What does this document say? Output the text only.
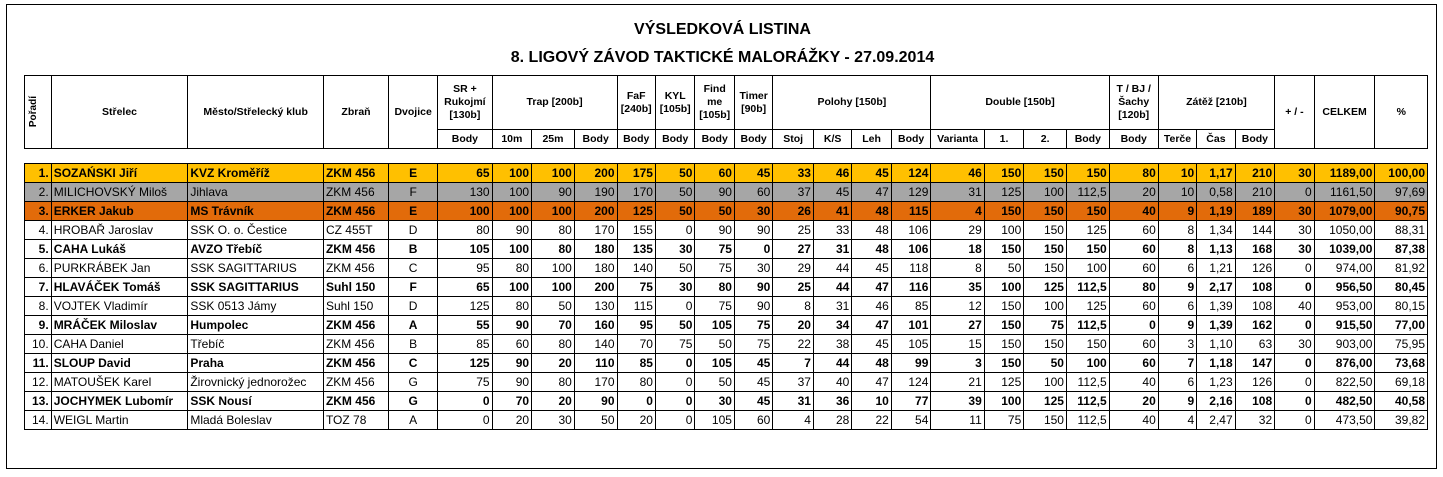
VÝSLEDKOVÁ LISTINA
8. LIGOVÝ ZÁVOD TAKTICKÉ MALORÁŽKY - 27.09.2014
Pořadí	Střelec	Město/Střelecký klub	Zbraň	Dvojice	SR + Rukojmí [130b]	Trap [200b]			FaF [240b]	KYL [105b]	Find me [105b]	Timer [90b]	Polohy [150b]				Double [150b]				T / BJ / Šachy [120b]	Zátěž [210b]			+ / -	CELKEM	%
					Body	10m	25m	Body	Body	Body	Body	Body	Stoj	K/S	Leh	Body	Varianta	1.	2.	Body	Body	Terče	Čas	Body			

1.	SOZAŃSKI Jiří	KVZ Kroměříž	ZKM 456	E	65	100	100	200	175	50	60	45	33	46	45	124	46	150	150	150	80	10	1,17	210	30	1189,00	100,00
2.	MILICHOVSKÝ Miloš	Jihlava	ZKM 456	F	130	100	90	190	170	50	90	60	37	45	47	129	31	125	100	112,5	20	10	0,58	210	0	1161,50	97,69
3.	ERKER Jakub	MS Trávník	ZKM 456	E	100	100	100	200	125	50	50	30	26	41	48	115	4	150	150	150	40	9	1,19	189	30	1079,00	90,75
4.	HROBAŘ Jaroslav	SSK O. o. Čestice	CZ 455T	D	80	90	80	170	155	0	90	90	25	33	48	106	29	100	150	125	60	8	1,34	144	30	1050,00	88,31
5.	CAHA Lukáš	AVZO Třebíč	ZKM 456	B	105	100	80	180	135	30	75	0	27	31	48	106	18	150	150	150	60	8	1,13	168	30	1039,00	87,38
6.	PURKRÁBEK Jan	SSK SAGITTARIUS	ZKM 456	C	95	80	100	180	140	50	75	30	29	44	45	118	8	50	150	100	60	6	1,21	126	0	974,00	81,92
7.	HLAVÁČEK Tomáš	SSK SAGITTARIUS	Suhl 150	F	65	100	100	200	75	30	80	90	25	44	47	116	35	100	125	112,5	80	9	2,17	108	0	956,50	80,45
8.	VOJTEK Vladimír	SSK 0513 Jámy	Suhl 150	D	125	80	50	130	115	0	75	90	8	31	46	85	12	150	100	125	60	6	1,39	108	40	953,00	80,15
9.	MRÁČEK Miloslav	Humpolec	ZKM 456	A	55	90	70	160	95	50	105	75	20	34	47	101	27	150	75	112,5	0	9	1,39	162	0	915,50	77,00
10.	CAHA Daniel	Třebíč	ZKM 456	B	85	60	80	140	70	75	50	75	22	38	45	105	15	150	150	150	60	3	1,10	63	30	903,00	75,95
11.	SLOUP David	Praha	ZKM 456	C	125	90	20	110	85	0	105	45	7	44	48	99	3	150	50	100	60	7	1,18	147	0	876,00	73,68
12.	MATOUŠEK Karel	Žirovnický jednorožec	ZKM 456	G	75	90	80	170	80	0	50	45	37	40	47	124	21	125	100	112,5	40	6	1,23	126	0	822,50	69,18
13.	JOCHYMEK Lubomír	SSK Nousí	ZKM 456	G	0	70	20	90	0	0	30	45	31	36	10	77	39	100	125	112,5	20	9	2,16	108	0	482,50	40,58
14.	WEIGL Martin	Mladá Boleslav	TOZ 78	A	0	20	30	50	20	0	105	60	4	28	22	54	11	75	150	112,5	40	4	2,47	32	0	473,50	39,82
